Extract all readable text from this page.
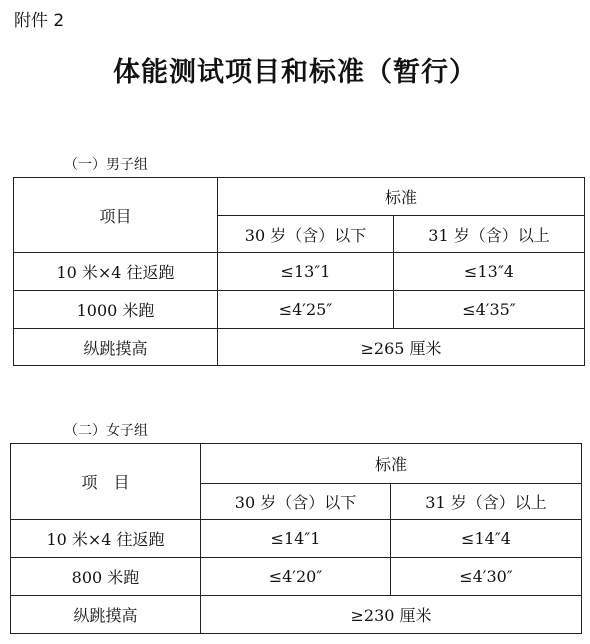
附件 2
体能测试项目和标准（暂行）
（一）男子组
项目	标准	
	30 岁（含）以下	31 岁（含）以上
10 米×4 往返跑	≤13″1	≤13″4
1000 米跑	≤4′25″	≤4′35″
纵跳摸高	≥265 厘米	
（二）女子组
项　目	标准	
	30 岁（含）以下	31 岁（含）以上
10 米×4 往返跑	≤14″1	≤14″4
800 米跑	≤4′20″	≤4′30″
纵跳摸高	≥230 厘米	
